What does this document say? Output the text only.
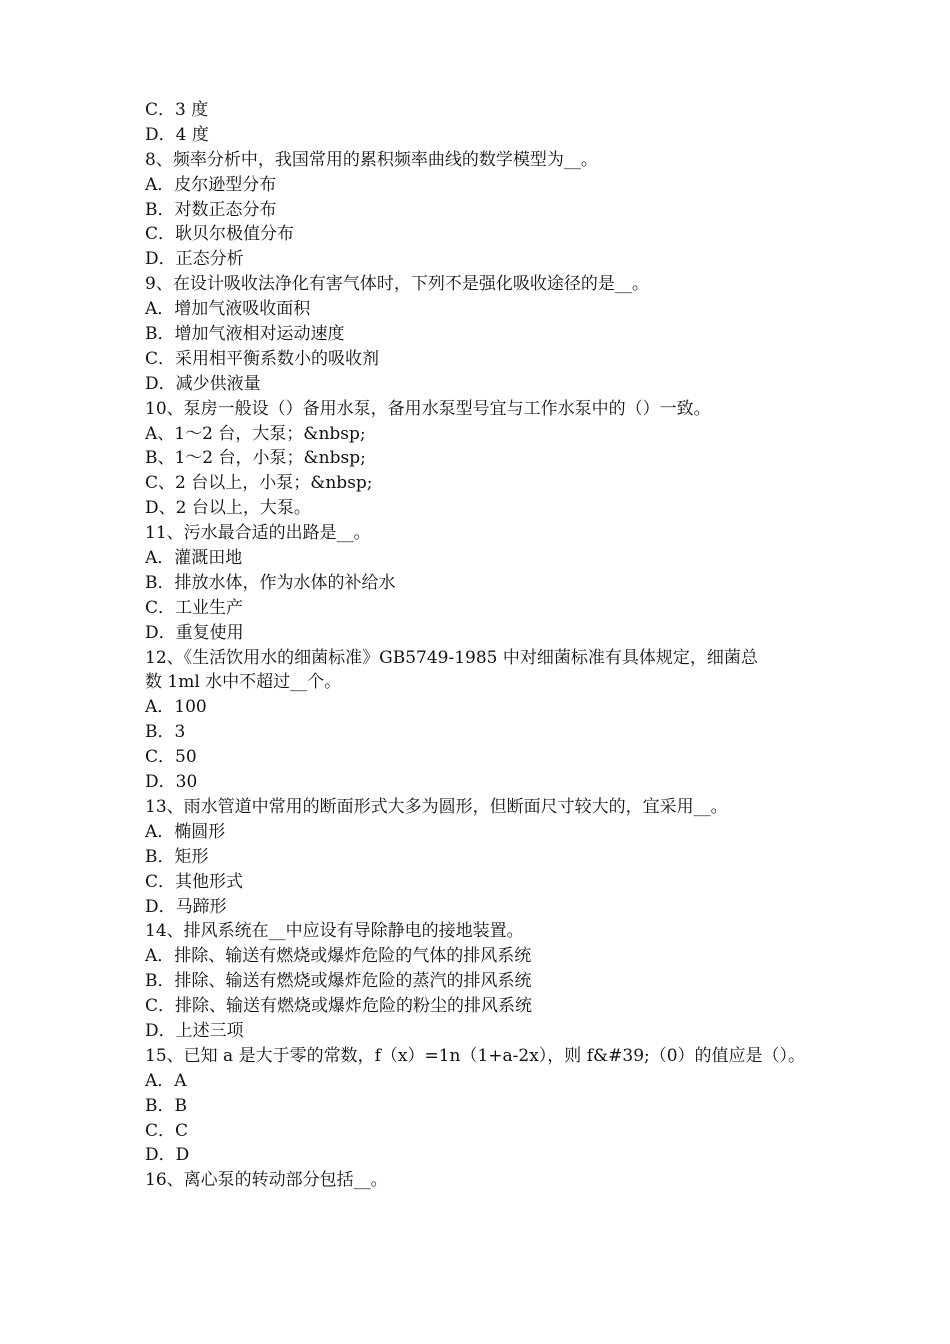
C．3 度
D．4 度
8、频率分析中，我国常用的累积频率曲线的数学模型为__。
A．皮尔逊型分布
B．对数正态分布
C．耿贝尔极值分布
D．正态分析
9、在设计吸收法净化有害气体时，下列不是强化吸收途径的是__。
A．增加气液吸收面积
B．增加气液相对运动速度
C．采用相平衡系数小的吸收剂
D．减少供液量
10、泵房一般设（）备用水泵，备用水泵型号宜与工作水泵中的（）一致。
A、1～2 台，大泵；&nbsp;
B、1～2 台，小泵；&nbsp;
C、2 台以上，小泵；&nbsp;
D、2 台以上，大泵。
11、污水最合适的出路是__。
A．灌溉田地
B．排放水体，作为水体的补给水
C．工业生产
D．重复使用
12、《生活饮用水的细菌标准》GB5749-1985 中对细菌标准有具体规定，细菌总
数 1ml 水中不超过__个。
A．100
B．3
C．50
D．30
13、雨水管道中常用的断面形式大多为圆形，但断面尺寸较大的，宜采用__。
A．椭圆形
B．矩形
C．其他形式
D．马蹄形
14、排风系统在__中应设有导除静电的接地装置。
A．排除、输送有燃烧或爆炸危险的气体的排风系统
B．排除、输送有燃烧或爆炸危险的蒸汽的排风系统
C．排除、输送有燃烧或爆炸危险的粉尘的排风系统
D．上述三项
15、已知 a 是大于零的常数，f（x）=1n（1+a-2x），则 f&#39;（0）的值应是（）。
A．A
B．B
C．C
D．D
16、离心泵的转动部分包括__。
